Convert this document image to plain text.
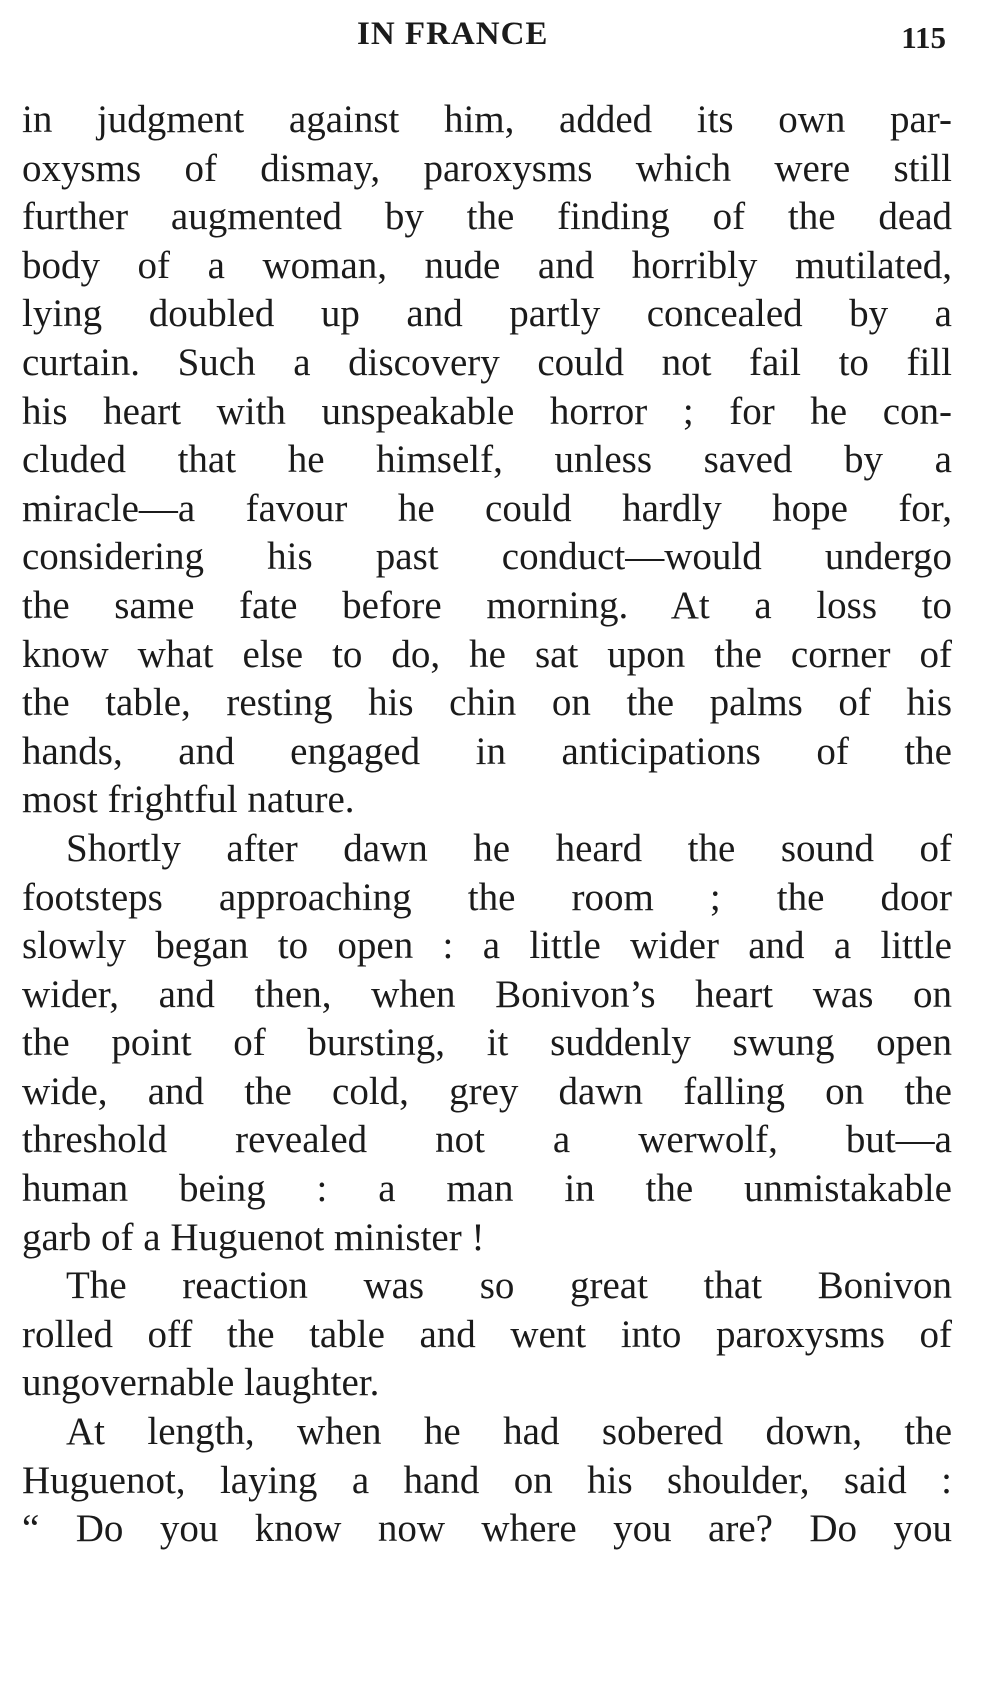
IN FRANCE	115
in judgment against him, added its own par-
oxysms of dismay, paroxysms which were still
further augmented by the finding of the dead
body of a woman, nude and horribly mutilated,
lying doubled up and partly concealed by a
curtain. Such a discovery could not fail to fill
his heart with unspeakable horror ; for he con-
cluded that he himself, unless saved by a
miracle—a favour he could hardly hope for,
considering his past conduct—would undergo
the same fate before morning. At a loss to
know what else to do, he sat upon the corner of
the table, resting his chin on the palms of his
hands, and engaged in anticipations of the
most frightful nature.
Shortly after dawn he heard the sound of
footsteps approaching the room ; the door
slowly began to open : a little wider and a little
wider, and then, when Bonivon’s heart was on
the point of bursting, it suddenly swung open
wide, and the cold, grey dawn falling on the
threshold revealed not a werwolf, but—a
human being : a man in the unmistakable
garb of a Huguenot minister !
The reaction was so great that Bonivon
rolled off the table and went into paroxysms of
ungovernable laughter.
At length, when he had sobered down, the
Huguenot, laying a hand on his shoulder, said :
“ Do you know now where you are? Do you
